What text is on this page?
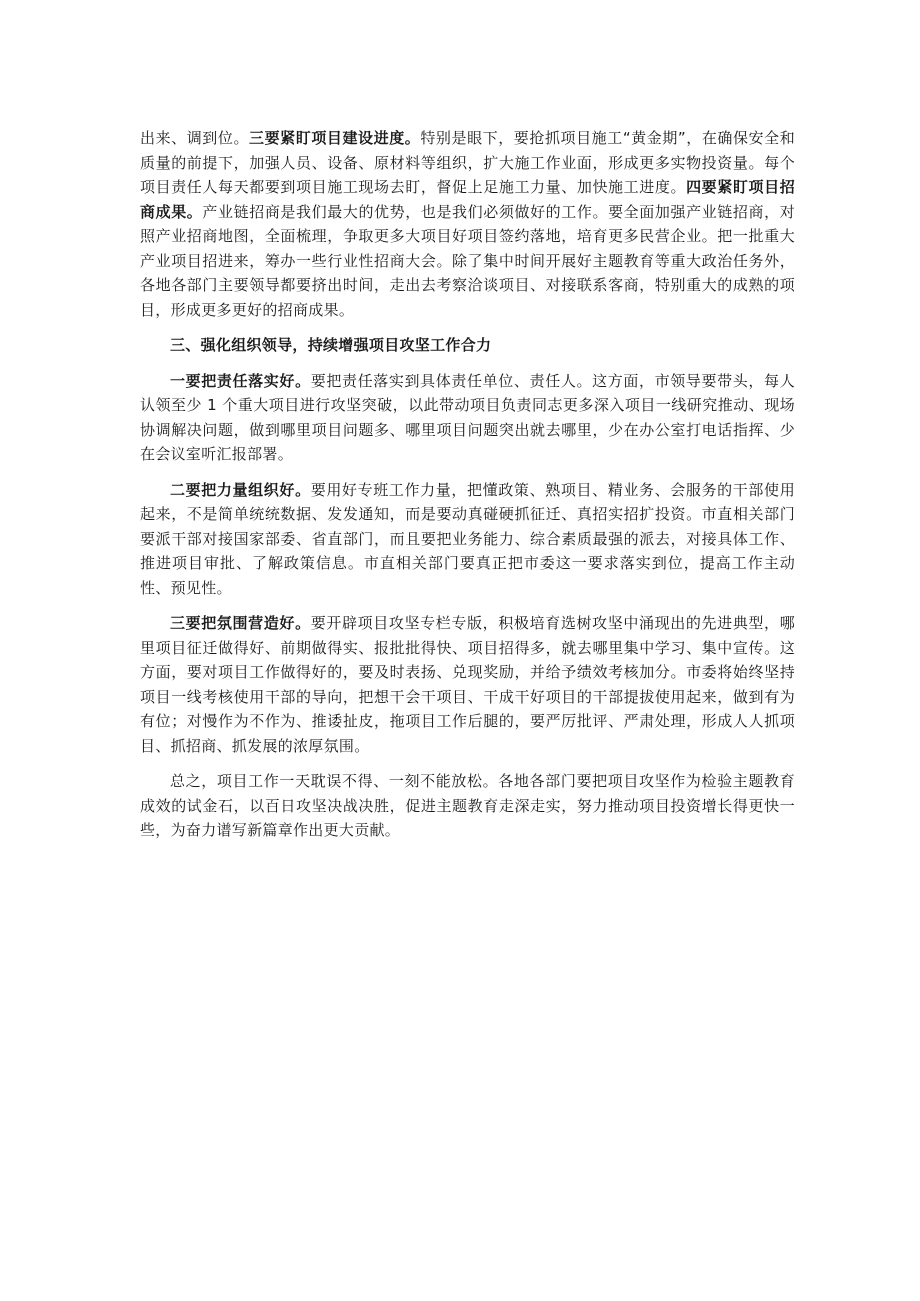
出来、调到位。三要紧盯项目建设进度。特别是眼下，要抢抓项目施工“黄金期”，在确保安全和质量的前提下，加强人员、设备、原材料等组织，扩大施工作业面，形成更多实物投资量。每个项目责任人每天都要到项目施工现场去盯，督促上足施工力量、加快施工进度。四要紧盯项目招商成果。产业链招商是我们最大的优势，也是我们必须做好的工作。要全面加强产业链招商，对照产业招商地图，全面梳理，争取更多大项目好项目签约落地，培育更多民营企业。把一批重大产业项目招进来，筹办一些行业性招商大会。除了集中时间开展好主题教育等重大政治任务外，各地各部门主要领导都要挤出时间，走出去考察洽谈项目、对接联系客商，特别重大的成熟的项目，形成更多更好的招商成果。

三、强化组织领导，持续增强项目攻坚工作合力

一要把责任落实好。要把责任落实到具体责任单位、责任人。这方面，市领导要带头，每人认领至少 1 个重大项目进行攻坚突破，以此带动项目负责同志更多深入项目一线研究推动、现场协调解决问题，做到哪里项目问题多、哪里项目问题突出就去哪里，少在办公室打电话指挥、少在会议室听汇报部署。

二要把力量组织好。要用好专班工作力量，把懂政策、熟项目、精业务、会服务的干部使用起来，不是简单统统数据、发发通知，而是要动真碰硬抓征迁、真招实招扩投资。市直相关部门要派干部对接国家部委、省直部门，而且要把业务能力、综合素质最强的派去，对接具体工作、推进项目审批、了解政策信息。市直相关部门要真正把市委这一要求落实到位，提高工作主动性、预见性。

三要把氛围营造好。要开辟项目攻坚专栏专版，积极培育选树攻坚中涌现出的先进典型，哪里项目征迁做得好、前期做得实、报批批得快、项目招得多，就去哪里集中学习、集中宣传。这方面，要对项目工作做得好的，要及时表扬、兑现奖励，并给予绩效考核加分。市委将始终坚持项目一线考核使用干部的导向，把想干会干项目、干成干好项目的干部提拔使用起来，做到有为有位；对慢作为不作为、推诿扯皮，拖项目工作后腿的，要严厉批评、严肃处理，形成人人抓项目、抓招商、抓发展的浓厚氛围。

总之，项目工作一天耽误不得、一刻不能放松。各地各部门要把项目攻坚作为检验主题教育成效的试金石，以百日攻坚决战决胜，促进主题教育走深走实，努力推动项目投资增长得更快一些，为奋力谱写新篇章作出更大贡献。
